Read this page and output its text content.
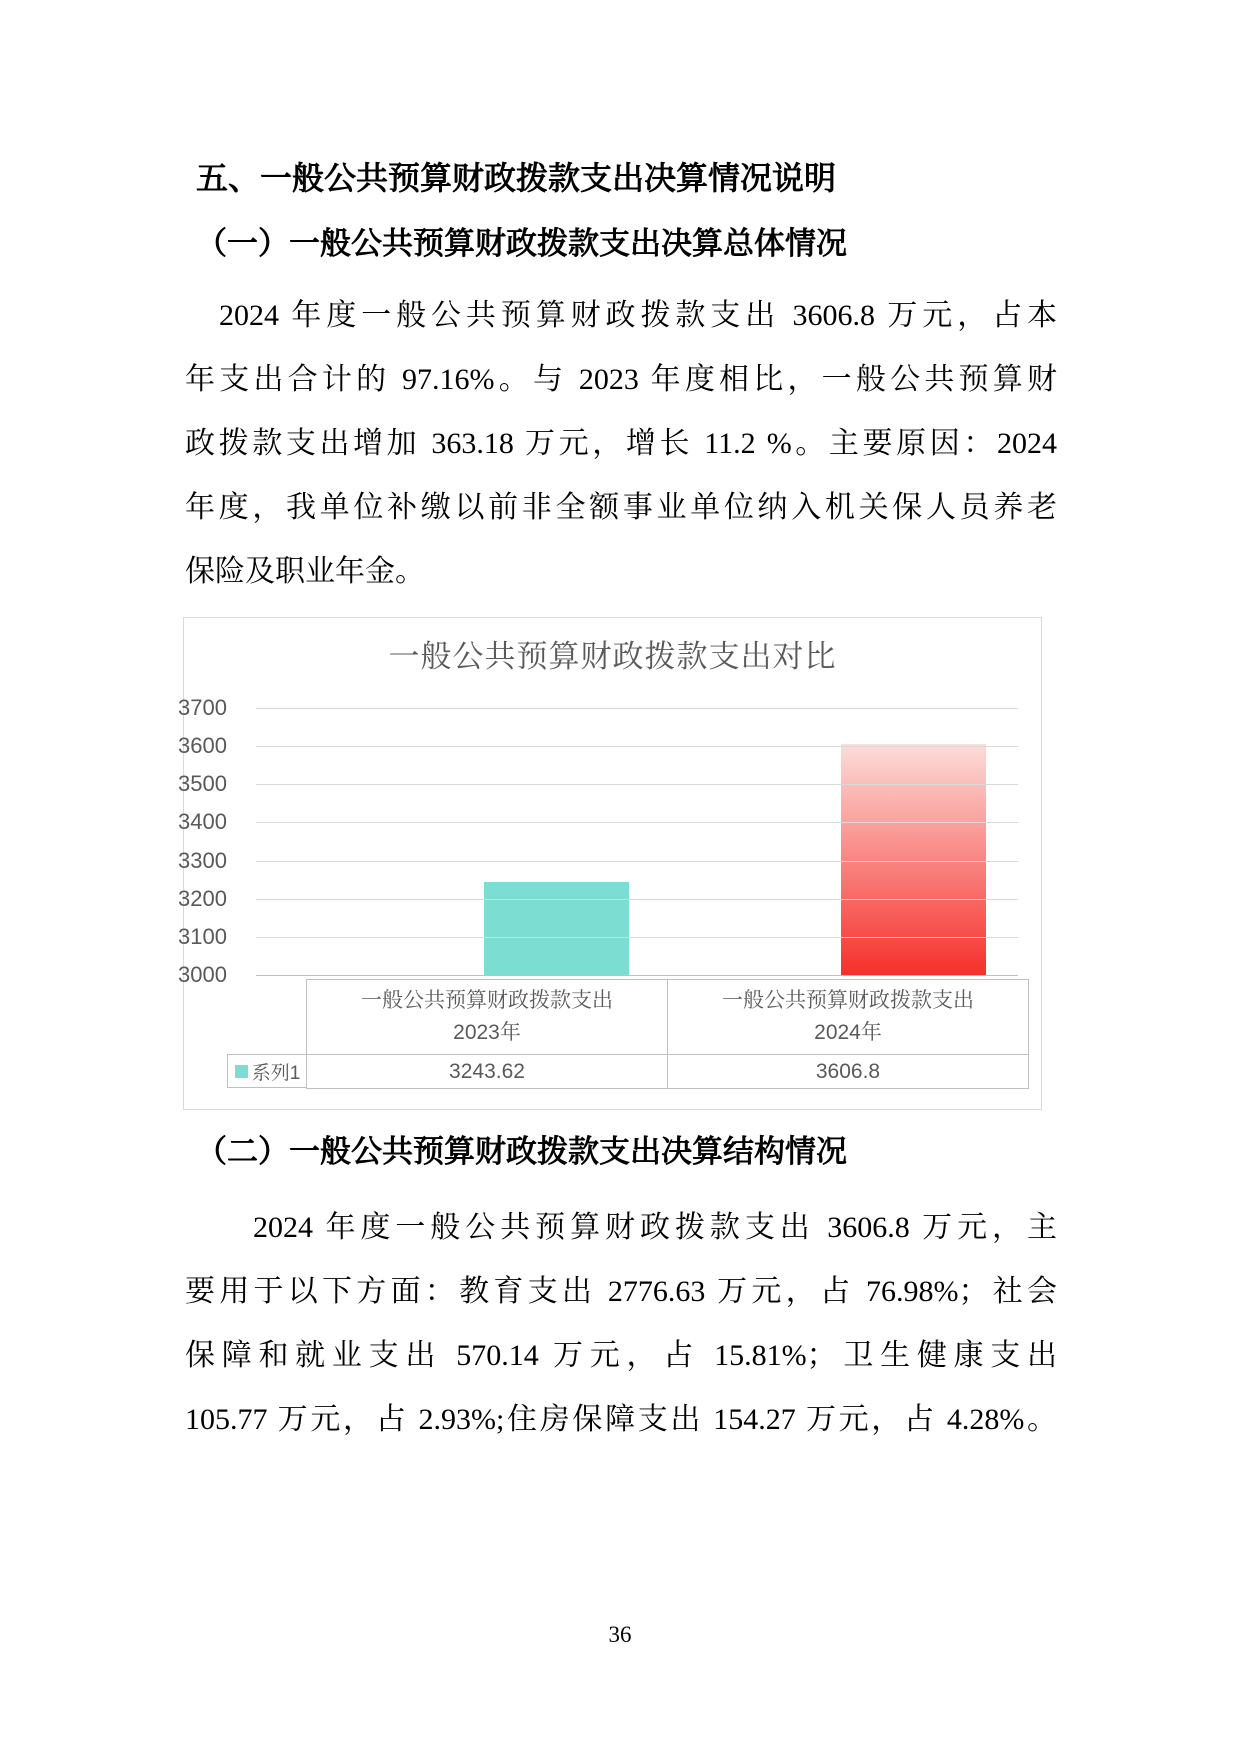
五、一般公共预算财政拨款支出决算情况说明
（一）一般公共预算财政拨款支出决算总体情况
2024 年度一般公共预算财政拨款支出 3606.8 万元，占本
年支出合计的 97.16%。与 2023 年度相比，一般公共预算财
政拨款支出增加 363.18 万元，增长 11.2 %。主要原因：2024
年度，我单位补缴以前非全额事业单位纳入机关保人员养老
保险及职业年金。
一般公共预算财政拨款支出对比
3700
3600
3500
3400
3300
3200
3100
3000
一般公共预算财政拨款支出
2023年
一般公共预算财政拨款支出
2024年
系列1	3243.62	3606.8
（二）一般公共预算财政拨款支出决算结构情况
2024 年度一般公共预算财政拨款支出 3606.8 万元，主
要用于以下方面：教育支出 2776.63 万元，占 76.98%；社会
保障和就业支出 570.14 万元，占 15.81%；卫生健康支出
105.77 万元，占 2.93%;住房保障支出 154.27 万元，占 4.28%。
36
